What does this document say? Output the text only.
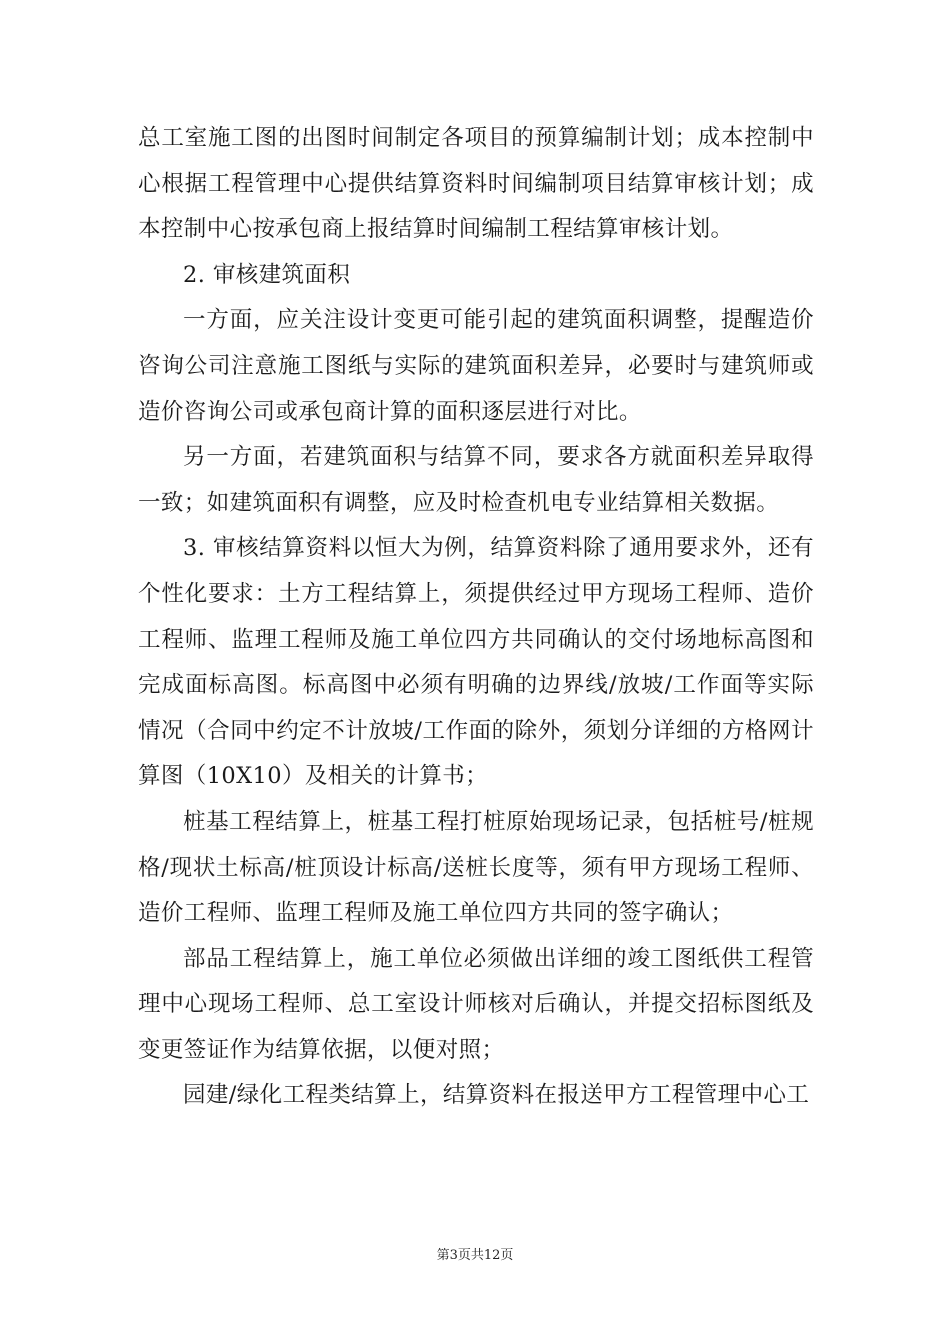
总工室施工图的出图时间制定各项目的预算编制计划；成本控制中心根据工程管理中心提供结算资料时间编制项目结算审核计划；成本控制中心按承包商上报结算时间编制工程结算审核计划。

2. 审核建筑面积

一方面，应关注设计变更可能引起的建筑面积调整，提醒造价咨询公司注意施工图纸与实际的建筑面积差异，必要时与建筑师或造价咨询公司或承包商计算的面积逐层进行对比。

另一方面，若建筑面积与结算不同，要求各方就面积差异取得一致；如建筑面积有调整，应及时检查机电专业结算相关数据。

3. 审核结算资料以恒大为例，结算资料除了通用要求外，还有个性化要求：土方工程结算上，须提供经过甲方现场工程师、造价工程师、监理工程师及施工单位四方共同确认的交付场地标高图和完成面标高图。标高图中必须有明确的边界线/放坡/工作面等实际情况（合同中约定不计放坡/工作面的除外，须划分详细的方格网计算图（10X10）及相关的计算书；

桩基工程结算上，桩基工程打桩原始现场记录，包括桩号/桩规格/现状土标高/桩顶设计标高/送桩长度等，须有甲方现场工程师、造价工程师、监理工程师及施工单位四方共同的签字确认；

部品工程结算上，施工单位必须做出详细的竣工图纸供工程管理中心现场工程师、总工室设计师核对后确认，并提交招标图纸及变更签证作为结算依据，以便对照；

园建/绿化工程类结算上，结算资料在报送甲方工程管理中心工

第3页共12页
